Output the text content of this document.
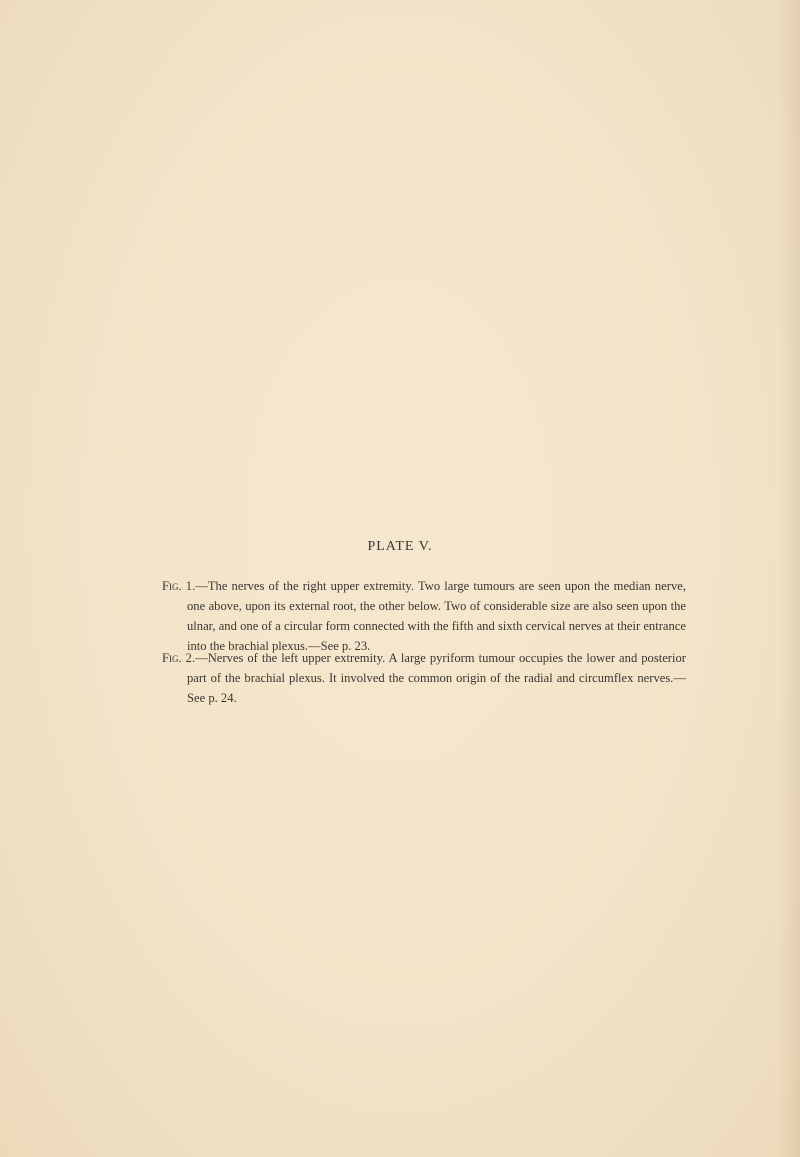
PLATE V.

Fig. 1.—The nerves of the right upper extremity. Two large tumours are seen upon the median nerve, one above, upon its external root, the other below. Two of considerable size are also seen upon the ulnar, and one of a circular form connected with the fifth and sixth cervical nerves at their entrance into the brachial plexus.—See p. 23.

Fig. 2.—Nerves of the left upper extremity. A large pyriform tumour occupies the lower and posterior part of the brachial plexus. It involved the common origin of the radial and circumflex nerves.—See p. 24.
